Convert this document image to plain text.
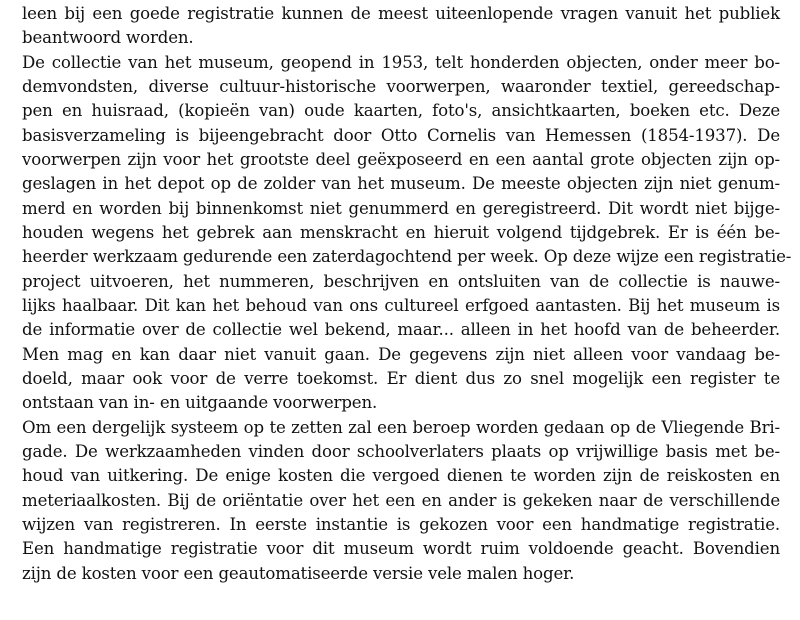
leen bij een goede registratie kunnen de meest uiteenlopende vragen vanuit het publiek
beantwoord worden.
De collectie van het museum, geopend in 1953, telt honderden objecten, onder meer bo-
demvondsten, diverse cultuur-historische voorwerpen, waaronder textiel, gereedschap-
pen en huisraad, (kopieën van) oude kaarten, foto's, ansichtkaarten, boeken etc. Deze
basisverzameling is bijeengebracht door Otto Cornelis van Hemessen (1854-1937). De
voorwerpen zijn voor het grootste deel geëxposeerd en een aantal grote objecten zijn op-
geslagen in het depot op de zolder van het museum. De meeste objecten zijn niet genum-
merd en worden bij binnenkomst niet genummerd en geregistreerd. Dit wordt niet bijge-
houden wegens het gebrek aan menskracht en hieruit volgend tijdgebrek. Er is één be-
heerder werkzaam gedurende een zaterdagochtend per week. Op deze wijze een registratie-
project uitvoeren, het nummeren, beschrijven en ontsluiten van de collectie is nauwe-
lijks haalbaar. Dit kan het behoud van ons cultureel erfgoed aantasten. Bij het museum is
de informatie over de collectie wel bekend, maar... alleen in het hoofd van de beheerder.
Men mag en kan daar niet vanuit gaan. De gegevens zijn niet alleen voor vandaag be-
doeld, maar ook voor de verre toekomst. Er dient dus zo snel mogelijk een register te
ontstaan van in- en uitgaande voorwerpen.
Om een dergelijk systeem op te zetten zal een beroep worden gedaan op de Vliegende Bri-
gade. De werkzaamheden vinden door schoolverlaters plaats op vrijwillige basis met be-
houd van uitkering. De enige kosten die vergoed dienen te worden zijn de reiskosten en
meteriaalkosten. Bij de oriëntatie over het een en ander is gekeken naar de verschillende
wijzen van registreren. In eerste instantie is gekozen voor een handmatige registratie.
Een handmatige registratie voor dit museum wordt ruim voldoende geacht. Bovendien
zijn de kosten voor een geautomatiseerde versie vele malen hoger.
